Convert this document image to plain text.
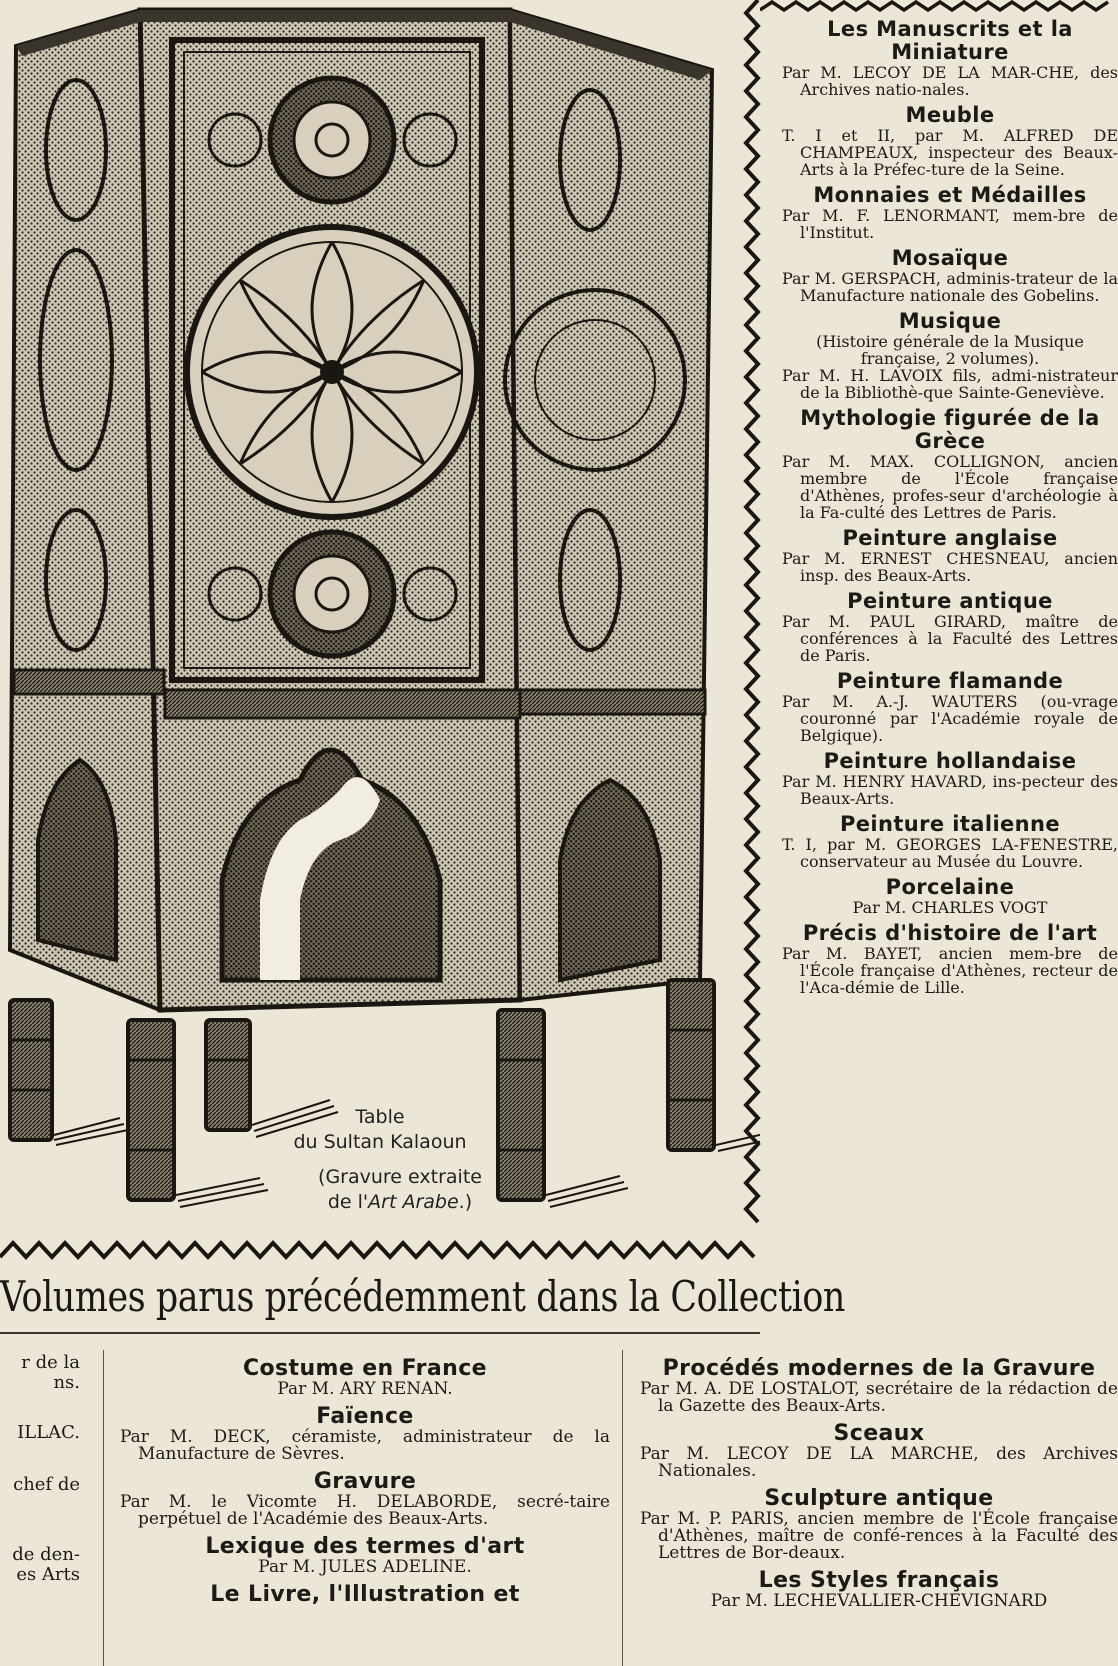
Table
du Sultan Kalaoun
(Gravure extraite
de l'Art Arabe.)
Les Manuscrits et la Miniature

Par M. LECOY DE LA MAR-CHE, des Archives natio-nales.

Meuble

T. I et II, par M. ALFRED DE CHAMPEAUX, inspecteur des Beaux-Arts à la Préfec-ture de la Seine.

Monnaies et Médailles

Par M. F. LENORMANT, mem-bre de l'Institut.

Mosaïque

Par M. GERSPACH, adminis-trateur de la Manufacture nationale des Gobelins.

Musique

(Histoire générale de la Musique française, 2 volumes).

Par M. H. LAVOIX fils, admi-nistrateur de la Bibliothè-que Sainte-Geneviève.

Mythologie figurée de la Grèce

Par M. MAX. COLLIGNON, ancien membre de l'École française d'Athènes, profes-seur d'archéologie à la Fa-culté des Lettres de Paris.

Peinture anglaise

Par M. ERNEST CHESNEAU, ancien insp. des Beaux-Arts.

Peinture antique

Par M. PAUL GIRARD, maître de conférences à la Faculté des Lettres de Paris.

Peinture flamande

Par M. A.-J. WAUTERS (ou-vrage couronné par l'Académie royale de Belgique).

Peinture hollandaise

Par M. HENRY HAVARD, ins-pecteur des Beaux-Arts.

Peinture italienne

T. I, par M. GEORGES LA-FENESTRE, conservateur au Musée du Louvre.

Porcelaine

Par M. CHARLES VOGT

Précis d'histoire de l'art

Par M. BAYET, ancien mem-bre de l'École française d'Athènes, recteur de l'Aca-démie de Lille.

Volumes parus précédemment dans la Collection
r de la
ns.
ILLAC.
chef de
de den-
es Arts
Costume en France

Par M. ARY RENAN.

Faïence

Par M. DECK, céramiste, administrateur de la Manufacture de Sèvres.

Gravure

Par M. le Vicomte H. DELABORDE, secré-taire perpétuel de l'Académie des Beaux-Arts.

Lexique des termes d'art

Par M. JULES ADELINE.

Le Livre, l'Illustration et
Procédés modernes de la Gravure

Par M. A. DE LOSTALOT, secrétaire de la rédaction de la Gazette des Beaux-Arts.

Sceaux

Par M. LECOY DE LA MARCHE, des Archives Nationales.

Sculpture antique

Par M. P. PARIS, ancien membre de l'École française d'Athènes, maître de confé-rences à la Faculté des Lettres de Bor-deaux.

Les Styles français

Par M. LECHEVALLIER-CHEVIGNARD
